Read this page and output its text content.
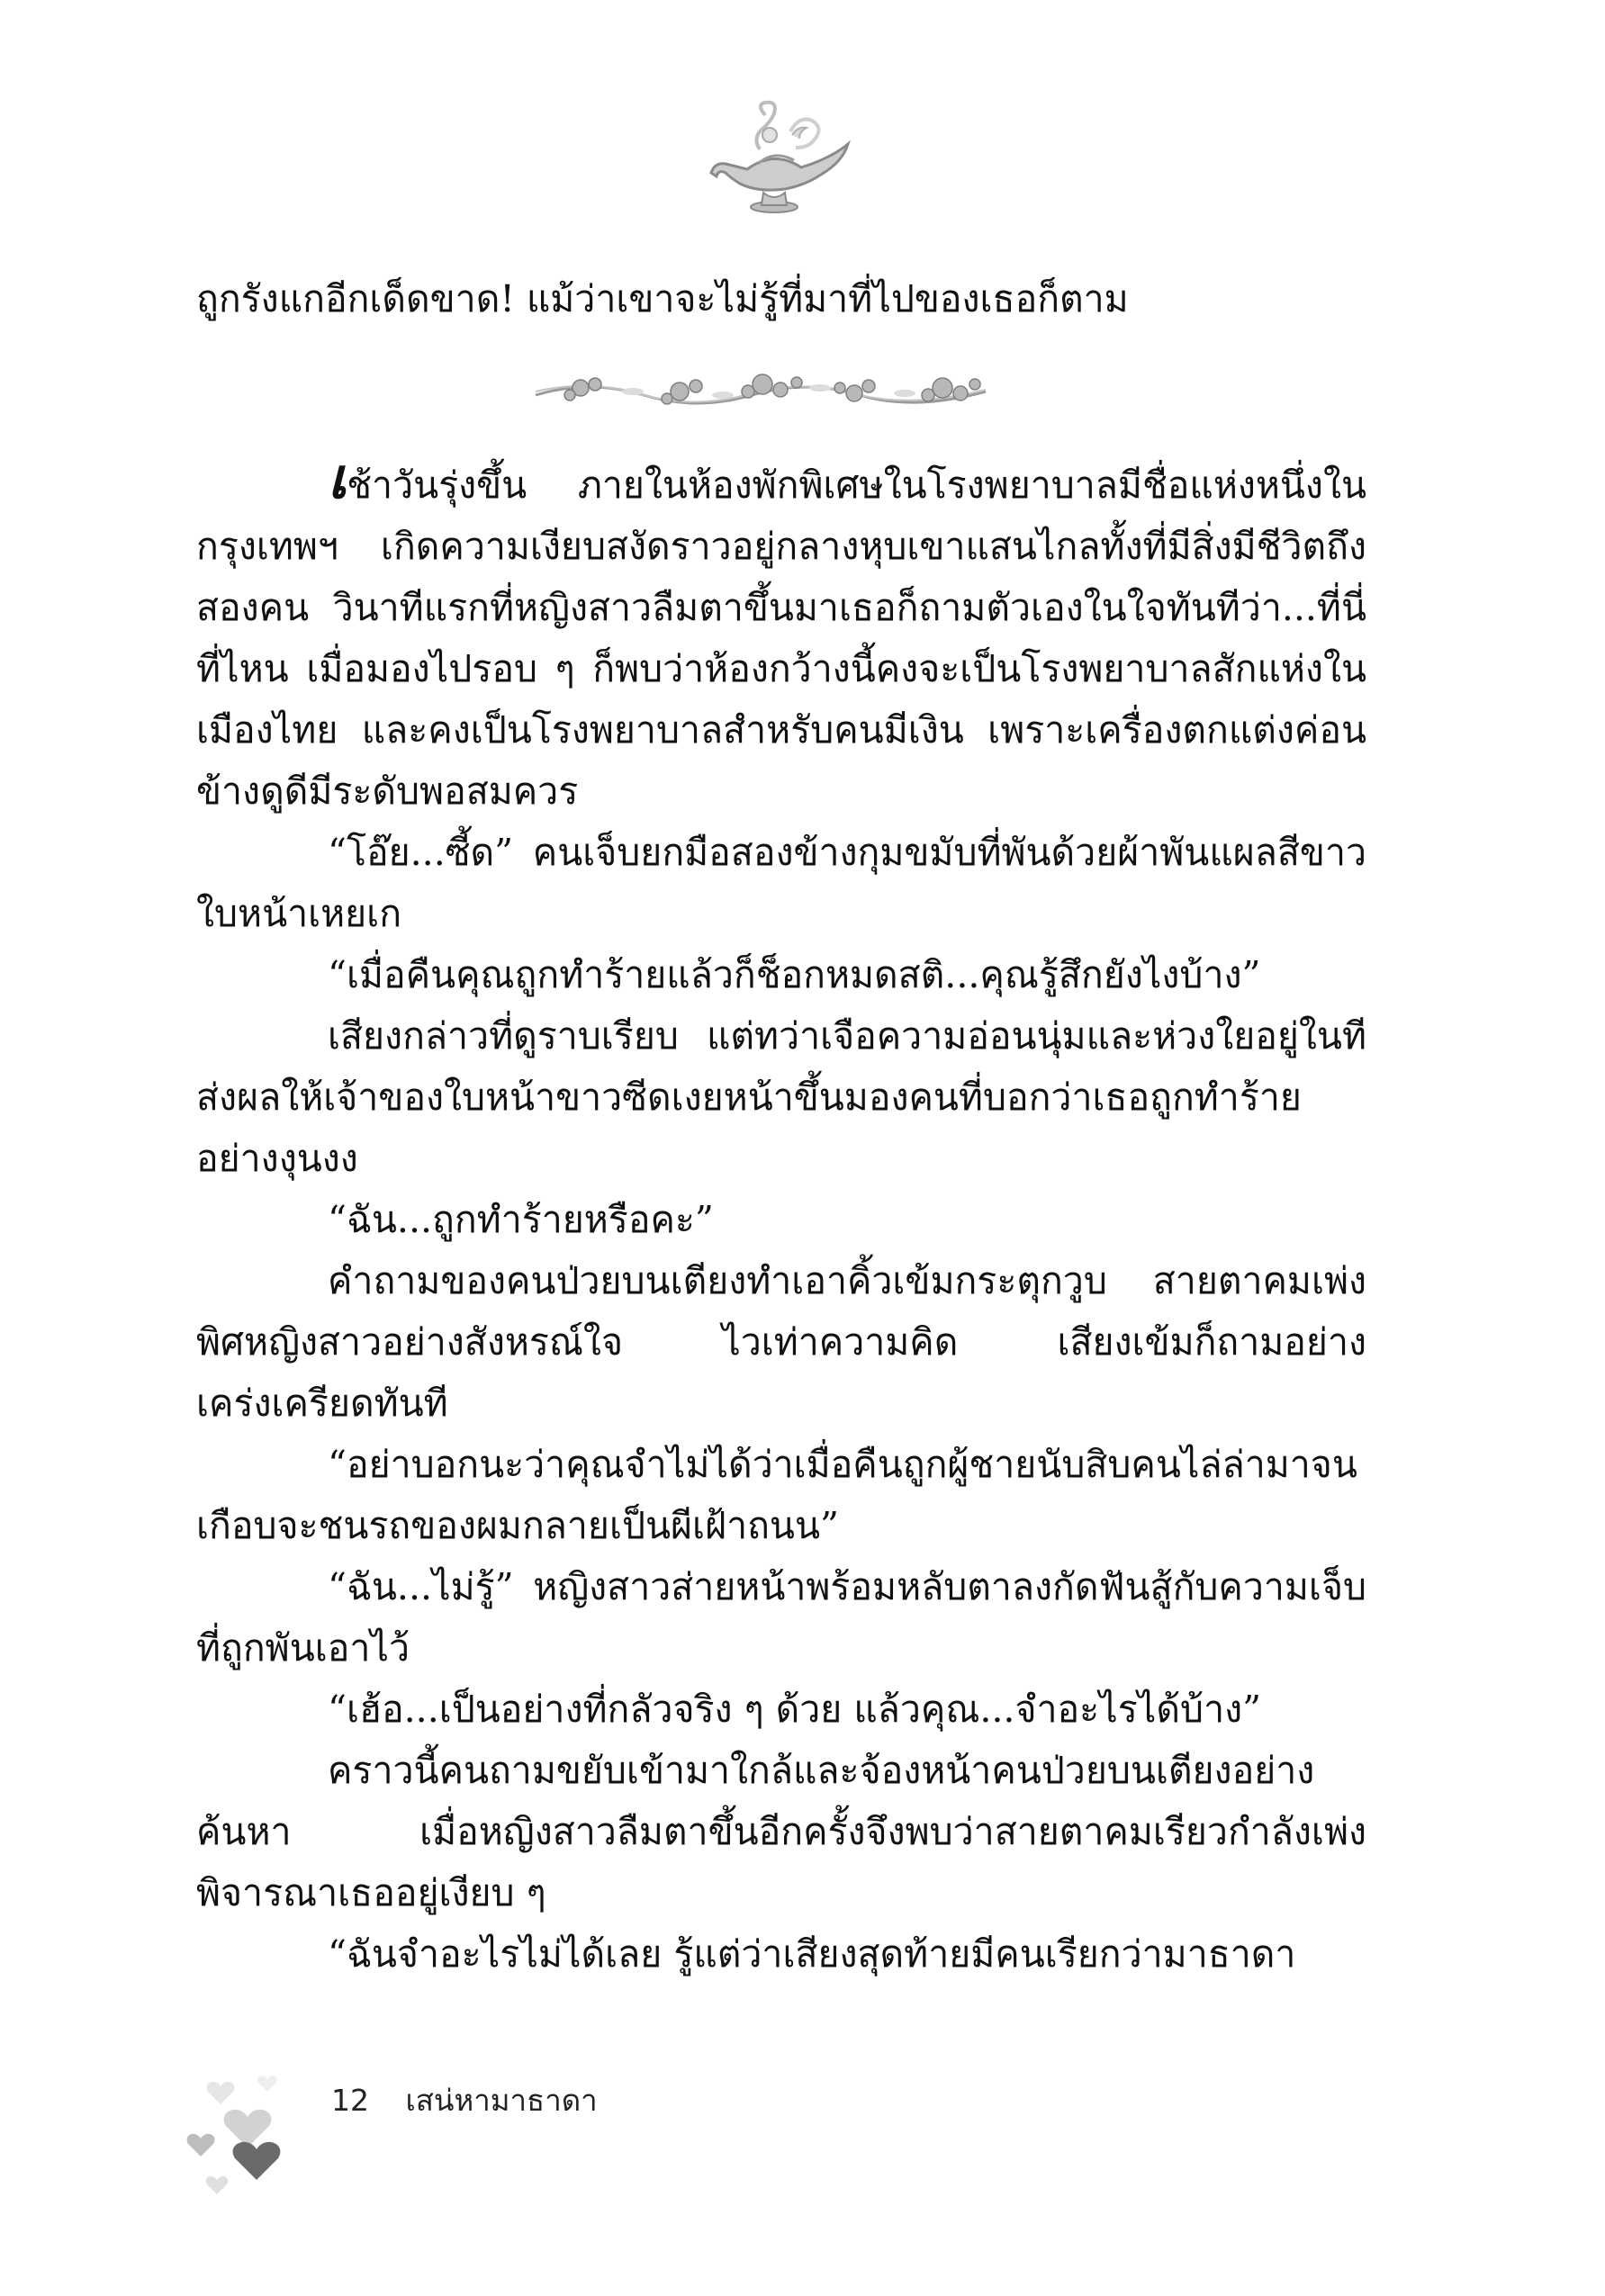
ถูกรังแกอีกเด็ดขาด! แม้ว่าเขาจะไม่รู้ที่มาที่ไปของเธอก็ตาม

เช้าวันรุ่งขึ้น ภายในห้องพักพิเศษในโรงพยาบาลมีชื่อแห่งหนึ่งในกรุงเทพฯ เกิดความเงียบสงัดราวอยู่กลางหุบเขาแสนไกลทั้งที่มีสิ่งมีชีวิตถึงสองคน วินาทีแรกที่หญิงสาวลืมตาขึ้นมาเธอก็ถามตัวเองในใจทันทีว่า...ที่นี่ที่ไหน เมื่อมองไปรอบ ๆ ก็พบว่าห้องกว้างนี้คงจะเป็นโรงพยาบาลสักแห่งในเมืองไทย และคงเป็นโรงพยาบาลสำหรับคนมีเงิน เพราะเครื่องตกแต่งค่อนข้างดูดีมีระดับพอสมควร

“โอ๊ย...ซี้ด” คนเจ็บยกมือสองข้างกุมขมับที่พันด้วยผ้าพันแผลสีขาว ใบหน้าเหยเก

“เมื่อคืนคุณถูกทำร้ายแล้วก็ช็อกหมดสติ...คุณรู้สึกยังไงบ้าง”

เสียงกล่าวที่ดูราบเรียบ แต่ทว่าเจือความอ่อนนุ่มและห่วงใยอยู่ในที ส่งผลให้เจ้าของใบหน้าขาวซีดเงยหน้าขึ้นมองคนที่บอกว่าเธอถูกทำร้ายอย่างงุนงง

“ฉัน...ถูกทำร้ายหรือคะ”

คำถามของคนป่วยบนเตียงทำเอาคิ้วเข้มกระตุกวูบ สายตาคมเพ่งพิศหญิงสาวอย่างสังหรณ์ใจ ไวเท่าความคิด เสียงเข้มก็ถามอย่างเคร่งเครียดทันที

“อย่าบอกนะว่าคุณจำไม่ได้ว่าเมื่อคืนถูกผู้ชายนับสิบคนไล่ล่ามาจนเกือบจะชนรถของผมกลายเป็นผีเฝ้าถนน”

“ฉัน...ไม่รู้” หญิงสาวส่ายหน้าพร้อมหลับตาลงกัดฟันสู้กับความเจ็บที่ถูกพันเอาไว้

“เฮ้อ...เป็นอย่างที่กลัวจริง ๆ ด้วย แล้วคุณ...จำอะไรได้บ้าง”

คราวนี้คนถามขยับเข้ามาใกล้และจ้องหน้าคนป่วยบนเตียงอย่างค้นหา เมื่อหญิงสาวลืมตาขึ้นอีกครั้งจึงพบว่าสายตาคมเรียวกำลังเพ่งพิจารณาเธออยู่เงียบ ๆ

“ฉันจำอะไรไม่ได้เลย รู้แต่ว่าเสียงสุดท้ายมีคนเรียกว่ามาธาดา

12 เสน่หามาธาดา
